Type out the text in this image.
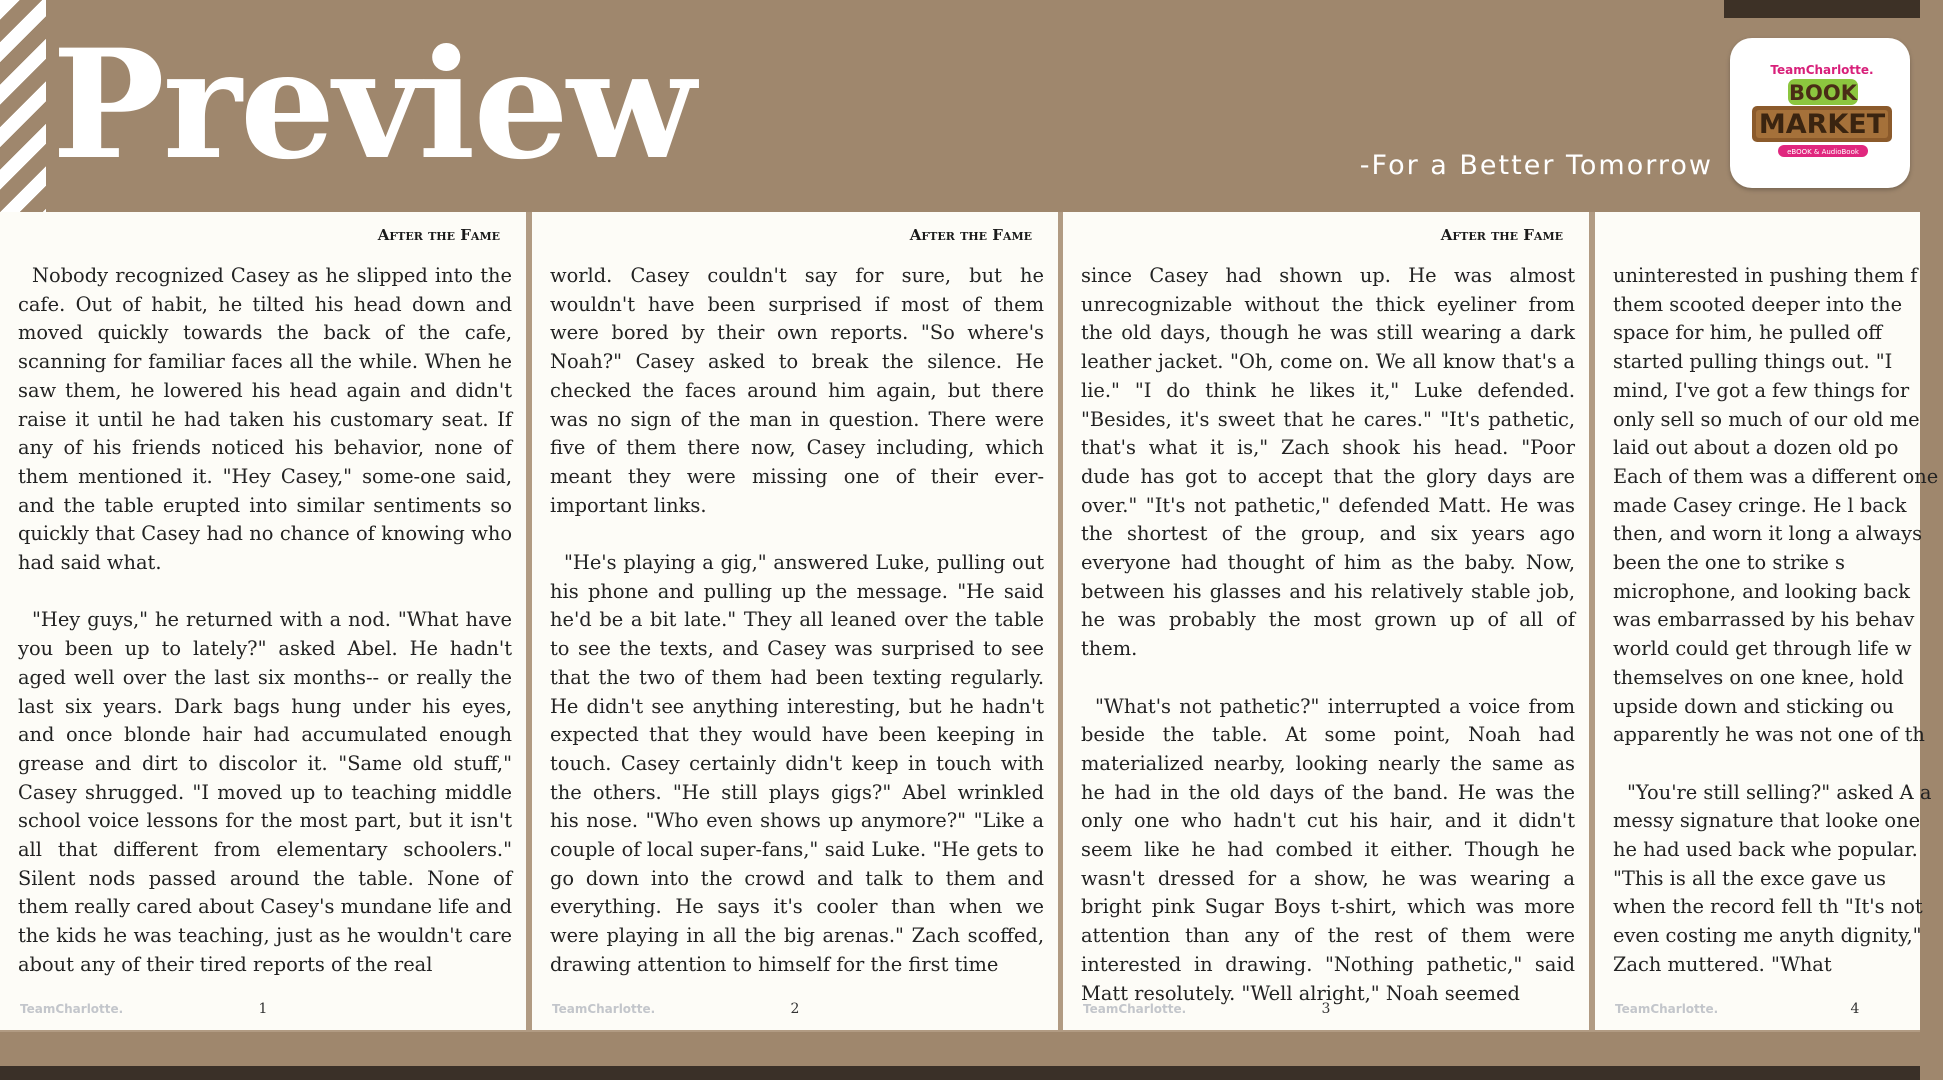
Preview	-For a Better Tomorrow
TeamCharlotte.
BOOK
MARKET
eBOOK & AudioBook
After the Fame

Nobody recognized Casey as he slipped into the cafe. Out of habit, he tilted his head down and moved quickly towards the back of the cafe, scanning for familiar faces all the while. When he saw them, he lowered his head again and didn't raise it until he had taken his customary seat. If any of his friends noticed his behavior, none of them mentioned it. "Hey Casey," some-one said, and the table erupted into similar sentiments so quickly that Casey had no chance of knowing who had said what.

"Hey guys," he returned with a nod. "What have you been up to lately?" asked Abel. He hadn't aged well over the last six months-- or really the last six years. Dark bags hung under his eyes, and once blonde hair had accumulated enough grease and dirt to discolor it. "Same old stuff," Casey shrugged. "I moved up to teaching middle school voice lessons for the most part, but it isn't all that different from elementary schoolers." Silent nods passed around the table. None of them really cared about Casey's mundane life and the kids he was teaching, just as he wouldn't care about any of their tired reports of the real

TeamCharlotte.	1
After the Fame

world. Casey couldn't say for sure, but he wouldn't have been surprised if most of them were bored by their own reports. "So where's Noah?" Casey asked to break the silence. He checked the faces around him again, but there was no sign of the man in question. There were five of them there now, Casey including, which meant they were missing one of their ever-important links.

"He's playing a gig," answered Luke, pulling out his phone and pulling up the message. "He said he'd be a bit late." They all leaned over the table to see the texts, and Casey was surprised to see that the two of them had been texting regularly. He didn't see anything interesting, but he hadn't expected that they would have been keeping in touch. Casey certainly didn't keep in touch with the others. "He still plays gigs?" Abel wrinkled his nose. "Who even shows up anymore?" "Like a couple of local super-fans," said Luke. "He gets to go down into the crowd and talk to them and everything. He says it's cooler than when we were playing in all the big arenas." Zach scoffed, drawing attention to himself for the first time

TeamCharlotte.	2
After the Fame

since Casey had shown up. He was almost unrecognizable without the thick eyeliner from the old days, though he was still wearing a dark leather jacket. "Oh, come on. We all know that's a lie." "I do think he likes it," Luke defended. "Besides, it's sweet that he cares." "It's pathetic, that's what it is," Zach shook his head. "Poor dude has got to accept that the glory days are over." "It's not pathetic," defended Matt. He was the shortest of the group, and six years ago everyone had thought of him as the baby. Now, between his glasses and his relatively stable job, he was probably the most grown up of all of them.

"What's not pathetic?" interrupted a voice from beside the table. At some point, Noah had materialized nearby, looking nearly the same as he had in the old days of the band. He was the only one who hadn't cut his hair, and it didn't seem like he had combed it either. Though he wasn't dressed for a show, he was wearing a bright pink Sugar Boys t-shirt, which was more attention than any of the rest of them were interested in drawing. "Nothing pathetic," said Matt resolutely. "Well alright," Noah seemed

TeamCharlotte.	3

uninterested in pushing them f them scooted deeper into the space for him, he pulled off started pulling things out. "I mind, I've got a few things for only sell so much of our old me laid out about a dozen old po Each of them was a different one made Casey cringe. He l back then, and worn it long a always been the one to strike s microphone, and looking back was embarrassed by his behav world could get through life w themselves on one knee, hold upside down and sticking ou apparently he was not one of th

"You're still selling?" asked A a messy signature that looke one he had used back whe popular. "This is all the exce gave us when the record fell th "It's not even costing me anyth dignity," Zach muttered. "What

TeamCharlotte.	4
